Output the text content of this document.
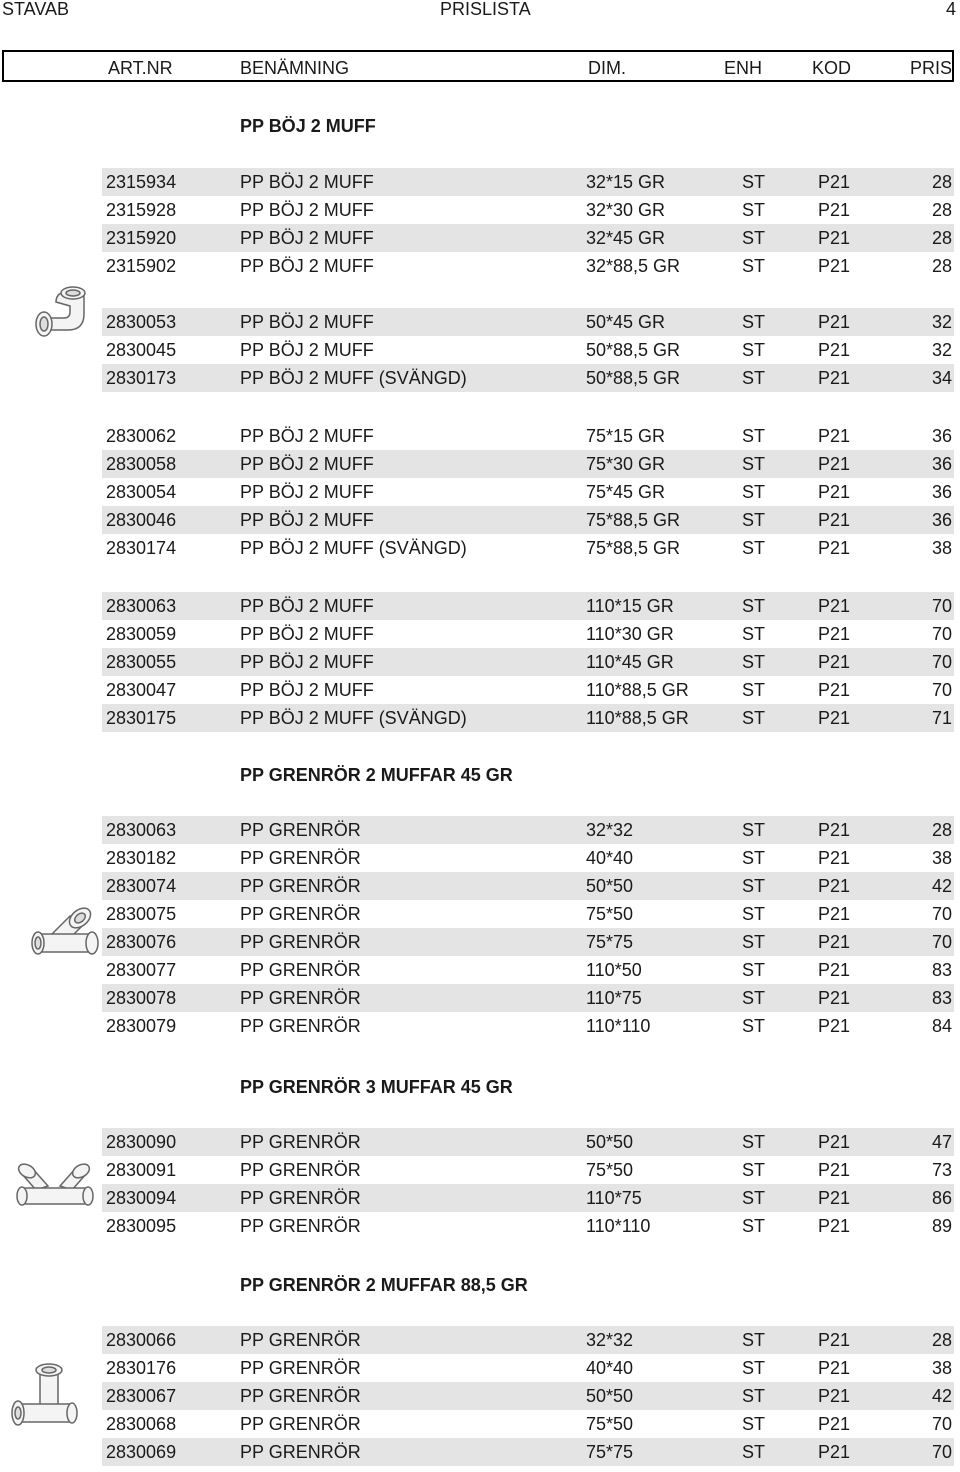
STAVAB	PRISLISTA	4
ART.NR	BENÄMNING	DIM.	ENH	KOD	PRIS
PP BÖJ 2 MUFF
2315934	PP BÖJ 2 MUFF	32*15 GR	ST	P21	28
2315928	PP BÖJ 2 MUFF	32*30 GR	ST	P21	28
2315920	PP BÖJ 2 MUFF	32*45 GR	ST	P21	28
2315902	PP BÖJ 2 MUFF	32*88,5 GR	ST	P21	28
2830053	PP BÖJ 2 MUFF	50*45 GR	ST	P21	32
2830045	PP BÖJ 2 MUFF	50*88,5 GR	ST	P21	32
2830173	PP BÖJ 2 MUFF (SVÄNGD)	50*88,5 GR	ST	P21	34
2830062	PP BÖJ 2 MUFF	75*15 GR	ST	P21	36
2830058	PP BÖJ 2 MUFF	75*30 GR	ST	P21	36
2830054	PP BÖJ 2 MUFF	75*45 GR	ST	P21	36
2830046	PP BÖJ 2 MUFF	75*88,5 GR	ST	P21	36
2830174	PP BÖJ 2 MUFF (SVÄNGD)	75*88,5 GR	ST	P21	38
2830063	PP BÖJ 2 MUFF	110*15 GR	ST	P21	70
2830059	PP BÖJ 2 MUFF	110*30 GR	ST	P21	70
2830055	PP BÖJ 2 MUFF	110*45 GR	ST	P21	70
2830047	PP BÖJ 2 MUFF	110*88,5 GR	ST	P21	70
2830175	PP BÖJ 2 MUFF (SVÄNGD)	110*88,5 GR	ST	P21	71
PP GRENRÖR 2 MUFFAR 45 GR
2830063	PP GRENRÖR	32*32	ST	P21	28
2830182	PP GRENRÖR	40*40	ST	P21	38
2830074	PP GRENRÖR	50*50	ST	P21	42
2830075	PP GRENRÖR	75*50	ST	P21	70
2830076	PP GRENRÖR	75*75	ST	P21	70
2830077	PP GRENRÖR	110*50	ST	P21	83
2830078	PP GRENRÖR	110*75	ST	P21	83
2830079	PP GRENRÖR	110*110	ST	P21	84
PP GRENRÖR 3 MUFFAR 45 GR
2830090	PP GRENRÖR	50*50	ST	P21	47
2830091	PP GRENRÖR	75*50	ST	P21	73
2830094	PP GRENRÖR	110*75	ST	P21	86
2830095	PP GRENRÖR	110*110	ST	P21	89
PP GRENRÖR 2 MUFFAR 88,5 GR
2830066	PP GRENRÖR	32*32	ST	P21	28
2830176	PP GRENRÖR	40*40	ST	P21	38
2830067	PP GRENRÖR	50*50	ST	P21	42
2830068	PP GRENRÖR	75*50	ST	P21	70
2830069	PP GRENRÖR	75*75	ST	P21	70
